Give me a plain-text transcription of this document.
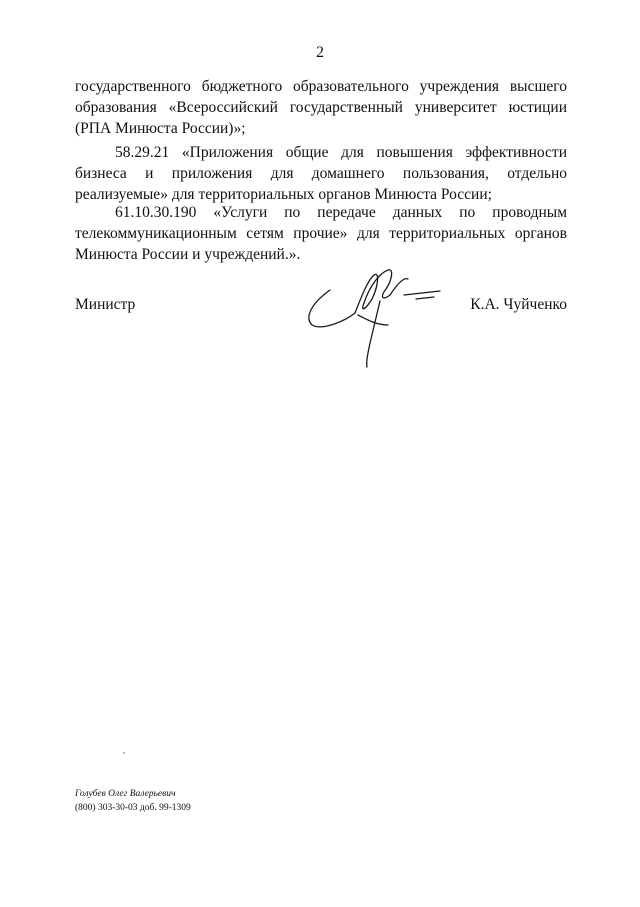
2

государственного бюджетного образовательного учреждения высшего образования «Всероссийский государственный университет юстиции (РПА Минюста России)»;

58.29.21 «Приложения общие для повышения эффективности бизнеса и приложения для домашнего пользования, отдельно реализуемые» для территориальных органов Минюста России;

61.10.30.190 «Услуги по передаче данных по проводным телекоммуникационным сетям прочие» для территориальных органов Минюста России и учреждений.».

Министр	К.А. Чуйченко
Голубев Олег Валерьевич
(800) 303-30-03 доб. 99-1309
